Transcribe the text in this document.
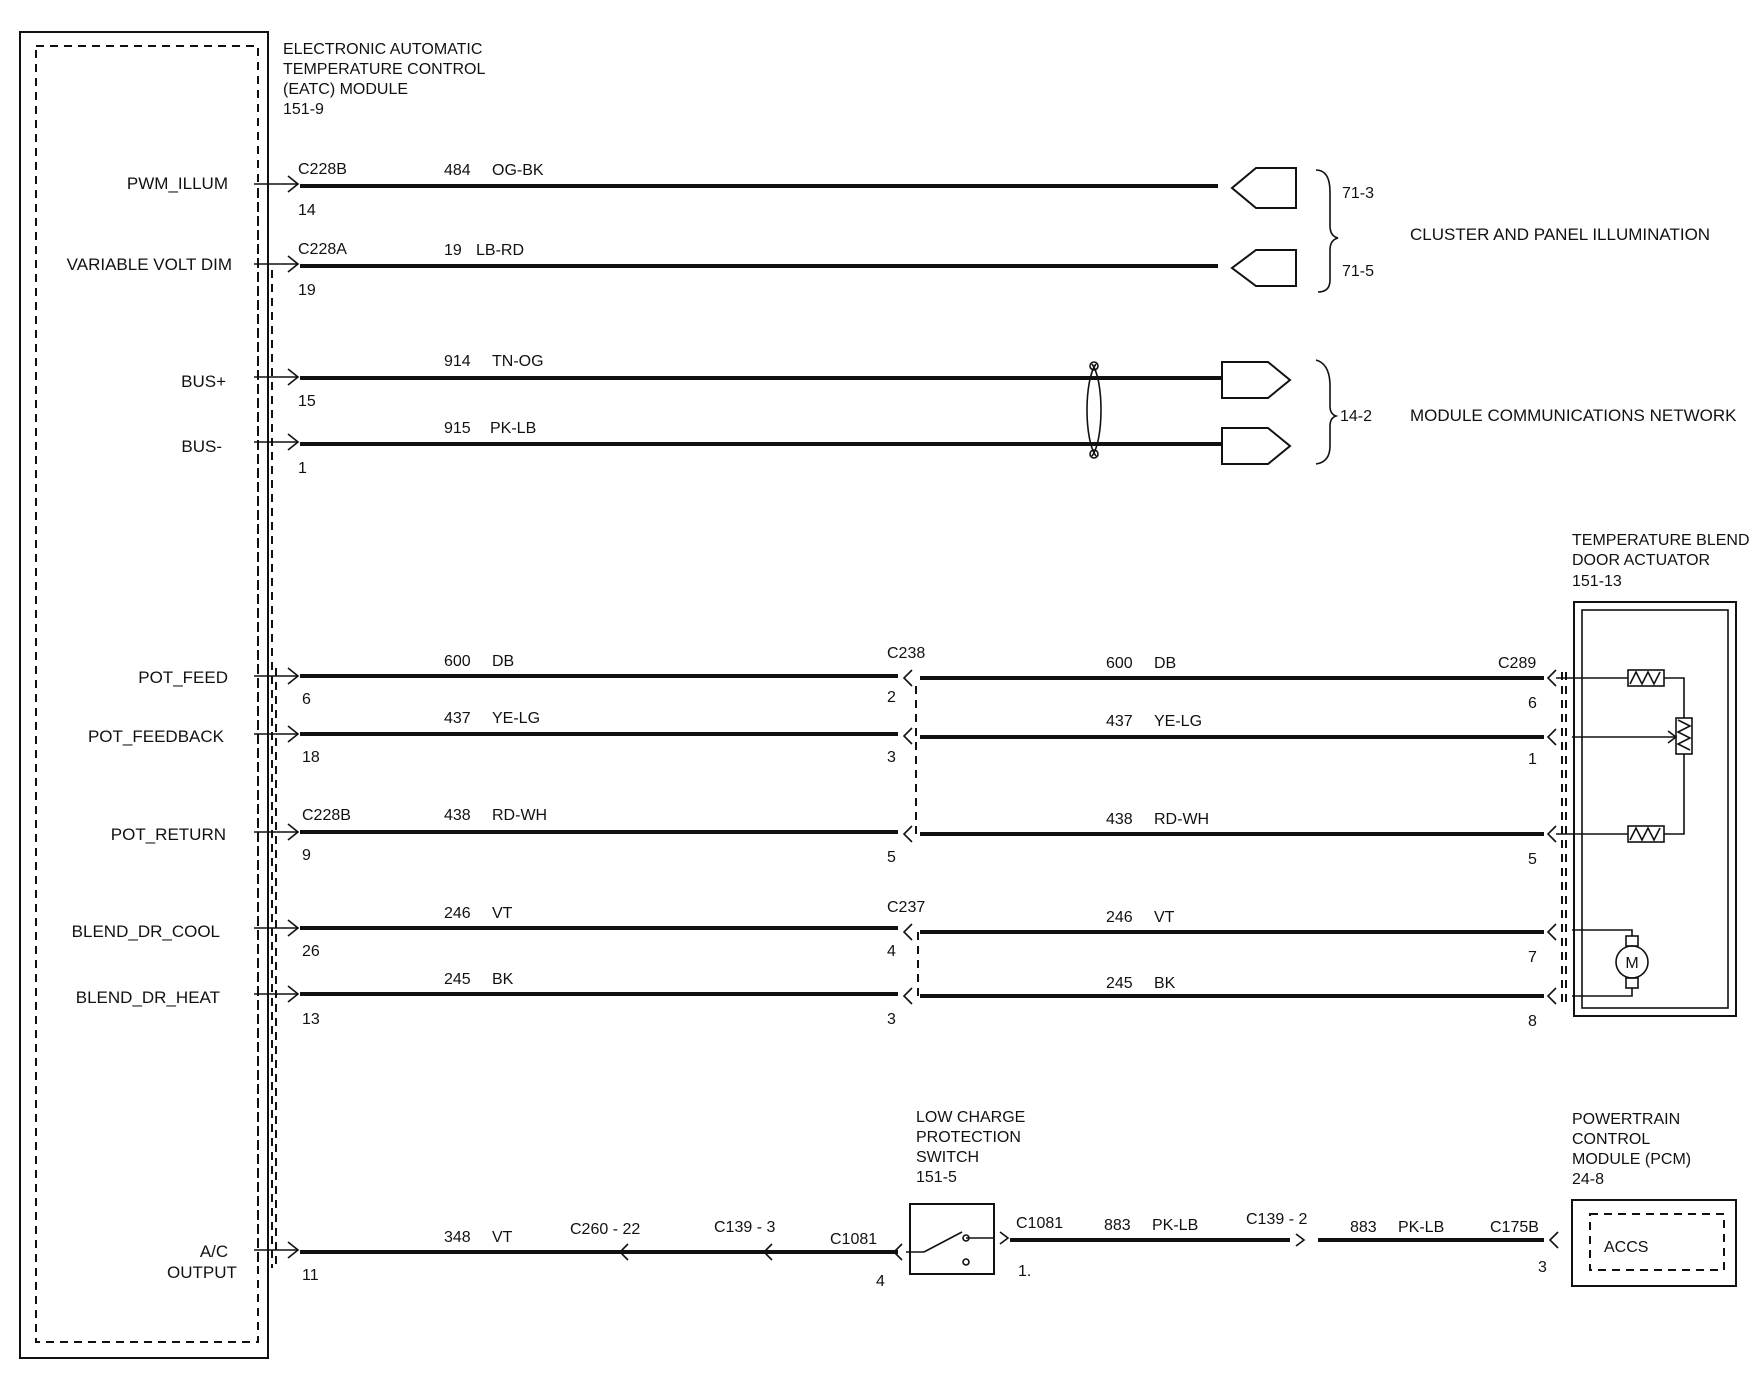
ELECTRONIC AUTOMATIC
TEMPERATURE CONTROL
(EATC) MODULE
151-9
PWM_ILLUM
VARIABLE VOLT DIM
BUS+
BUS-
POT_FEED
POT_FEEDBACK
POT_RETURN
BLEND_DR_COOL
BLEND_DR_HEAT
A/C
OUTPUT
C228B
14
484 OG-BK
C228A
19
19 LB-RD
71-3
71-5
CLUSTER AND PANEL ILLUMINATION
15
914 TN-OG
1
915 PK-LB
14-2 MODULE COMMUNICATIONS NETWORK
TEMPERATURE BLEND
DOOR ACTUATOR
151-13
M
6
600 DB	C238
2
600 DB	C289
6
18
437 YE-LG
3
437 YE-LG
1
C228B
9
438 RD-WH
5
438 RD-WH
5
26
246 VT	C237
4
246 VT
7
13
245 BK
3
245 BK
8
11
348 VT	C260 - 22	C139 - 3
C1081
4
LOW CHARGE
PROTECTION
SWITCH
151-5
C1081
1.
883 PK-LB	C139 - 2	883 PK-LB	C175B
3
POWERTRAIN
CONTROL
MODULE (PCM)
24-8
ACCS
